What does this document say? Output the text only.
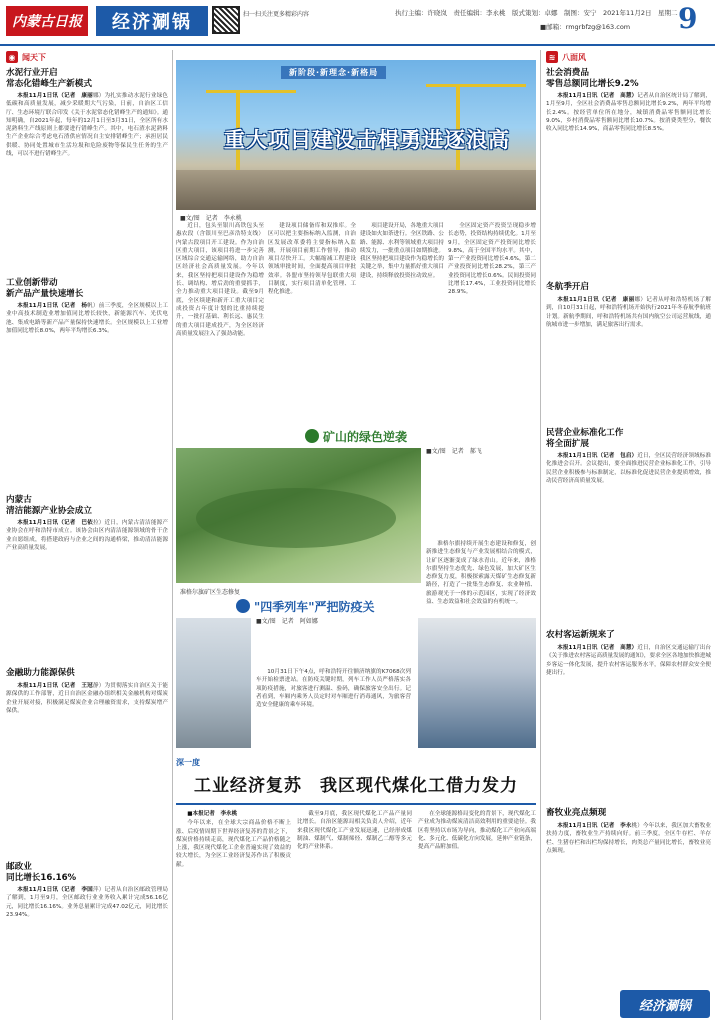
内蒙古日报	经济涮锅	扫一扫关注更多精彩内容	执行主编：许晓岚　责任编辑：李永桃　版式策划：卓娜　制图：安宁　2021年11月2日　星期二
■邮箱：rmgrbfzg@163.com 9
◉ 闻天下
水泥行业开启
常态化错峰生产新模式

本报11月1日讯（记者　康丽娜）为扎实推动水泥行业绿色低碳和高质量发展，减少采暖期大气污染，日前，自治区工信厅、生态环境厅联合印发《关于水泥常态化错峰生产的通知》。通知明确，自2021年起，每年的12月1日至3月31日，全区所有水泥熟料生产线原则上都要进行错峰生产。其中，电石渣水泥熟料生产企业综合考虑电石渣供应情况自主安排错峰生产；承担居民供暖、协同处置城市生活垃圾和危险废物等保民生任务的生产线，可以不进行错峰生产。

工业创新带动
新产品产量快速增长

本报11月1日讯（记者　杨帆）前三季度，全区规模以上工业中高技术制造业增加值同比增长较快，新能源汽车、光伏电池、集成电路等新产品产量保持快速增长。全区规模以上工业增加值同比增长8.0%，两年平均增长6.3%。

内蒙古
清洁能源产业协会成立

本报11月1日讯（记者　巴依拉）近日，内蒙古清洁能源产业协会在呼和浩特市成立。该协会由区内清洁能源领域的骨干企业自愿组成，将搭建政府与企业之间的沟通桥梁，推动清洁能源产业高质量发展。

金融助力能源保供

本报11月1日讯（记者　王冠静）为贯彻落实自治区关于能源保供的工作部署，近日自治区金融办组织相关金融机构对煤炭企业开展对接，积极满足煤炭企业合理融资需求，支持煤炭增产保供。

邮政业
同比增长16.16%

本报11月1日讯（记者　李国萍）记者从自治区邮政管理局了解到，1月至9月，全区邮政行业业务收入累计完成56.16亿元，同比增长16.16%。业务总量累计完成47.02亿元，同比增长23.94%。

新阶段·新理念·新格局
重大项目建设击楫勇进逐浪高
■文/图　记者　李永桃

近日，包头至银川高铁包头至惠农段（含银川至巴彦浩特支线）内蒙古段项目开工建设。作为自治区重大项目，该项目将进一步完善区域综合交通运输网络，助力自治区经济社会高质量发展。今年以来，我区坚持把项目建设作为稳增长、调结构、增后劲的重要抓手，全力推动重大项目建设。截至9月底，全区续建和新开工重大项目完成投资占年度计划的比重持续提升，一批打基础、利长远、惠民生的重大项目建成投产，为全区经济高质量发展注入了强劲动能。

建设项目储备库和双推库。全区可以把主要指标纳入监测，自治区发展改革委将主要指标纳入监测，开展项目前期工作督导，推动项目尽快开工。大幅缩减工程建设领域审批时间，全面提高项目审批效率。各盟市坚持领导包联重大项目制度，实行项目清单化管理、工程化推进。

项目建设开局，各地重大项目建设如火如荼进行。全区铁路、公路、能源、水利等领域重大项目持续发力，一批重点项目如期推进。我区坚持把项目建设作为稳增长的关键之举，集中力量抓好重大项目建设，持续释放投资拉动效应。

全区固定资产投资呈现稳步增长态势，投资结构持续优化。1月至9月，全区固定资产投资同比增长9.8%，高于全国平均水平。其中，第一产业投资同比增长4.6%，第二产业投资同比增长28.2%，第三产业投资同比增长0.6%。民间投资同比增长17.4%，工业投资同比增长28.9%。

矿山的绿色逆袭
准格尔旗矿区生态修复
■文/图　记者　郝飞

准格尔旗持续开展生态建设和修复，创新推进生态修复与产业发展相结合的模式，让矿区逐渐变成了绿水青山。近年来，准格尔旗坚持生态优先、绿色发展，加大矿区生态修复力度，积极探索露天煤矿生态修复新路径，打造了一批集生态修复、农业种植、旅游观光于一体的示范园区，实现了经济效益、生态效益和社会效益的有机统一。

"四季列车"严把防疫关
■文/图　记者　阿如娜

10月31日下午4点，呼和浩特开往额济纳旗的K7068次列车开始检票进站。在防疫关键时期，列车工作人员严格落实各项防疫措施，对旅客进行测温、验码，确保旅客安全出行。记者看到，车厢内乘务人员定时对车厢进行消毒通风，为旅客营造安全健康的乘车环境。

深一度
工业经济复苏　我区现代煤化工借力发力

■本报记者　李永桃

今年以来，在全球大宗商品价格不断上涨、后疫情周期下世界经济复苏的背景之下，煤炭价格持续走高，现代煤化工产品价格随之上涨，我区现代煤化工企业普遍实现了效益的较大增长，为全区工业经济复苏作出了积极贡献。

截至9月底，我区现代煤化工产品产量同比增长。自治区能源局相关负责人介绍，近年来我区现代煤化工产业发展迅速，已经形成煤制油、煤制气、煤制烯烃、煤制乙二醇等多元化的产业体系。

在全球能源格局变化的背景下，现代煤化工产业成为推动煤炭清洁高效利用的重要途径。我区将坚持以市场为导向，推动煤化工产业向高端化、多元化、低碳化方向发展，延伸产业链条，提高产品附加值。

≋ 八面风
社会消费品
零售总额同比增长9.2%

本报11月1日讯（记者　高慧）记者从自治区统计局了解到，1月至9月，全区社会消费品零售总额同比增长9.2%，两年平均增长2.4%。按经营单位所在地分，城镇消费品零售额同比增长9.0%，乡村消费品零售额同比增长10.7%。按消费类型分，餐饮收入同比增长14.9%，商品零售同比增长8.5%。

冬航季开启

本报11月1日讯（记者　康丽娜）记者从呼和浩特机场了解到，自10月31日起，呼和浩特机场开始执行2021年冬春航季航班计划。新航季期间，呼和浩特机场共有国内航空公司运营航线，通航城市进一步增加，满足旅客出行需求。

民营企业标准化工作
将全面扩展

本报11月1日讯（记者　包启）近日，全区民营经济领域标准化推进会召开。会议提出，要全面推进民营企业标准化工作，引导民营企业积极参与标准制定，以标准化促进民营企业提质增效，推动民营经济高质量发展。

农村客运新规来了

本报11月1日讯（记者　高慧）近日，自治区交通运输厅出台《关于推进农村客运高质量发展的通知》，要求全区各地加快推进城乡客运一体化发展，提升农村客运服务水平，保障农村群众安全便捷出行。

畜牧业亮点频现

本报11月1日讯（记者　李永桃）今年以来，我区加大畜牧业扶持力度，畜牧业生产持续向好。前三季度，全区牛存栏、羊存栏、生猪存栏和出栏均保持增长，肉类总产量同比增长，畜牧业亮点频现。

经济涮锅
